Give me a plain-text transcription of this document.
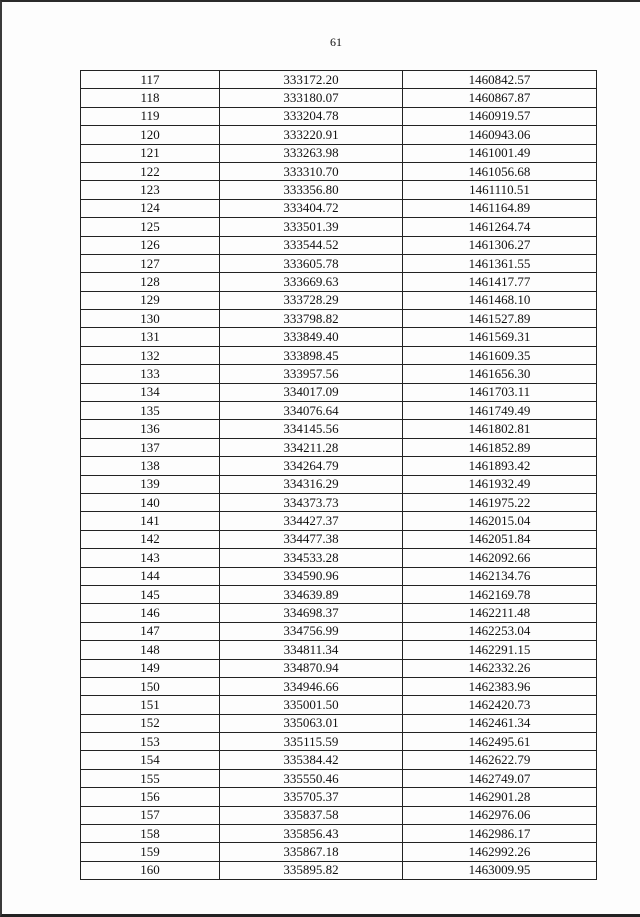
61
117	333172.20	1460842.57
118	333180.07	1460867.87
119	333204.78	1460919.57
120	333220.91	1460943.06
121	333263.98	1461001.49
122	333310.70	1461056.68
123	333356.80	1461110.51
124	333404.72	1461164.89
125	333501.39	1461264.74
126	333544.52	1461306.27
127	333605.78	1461361.55
128	333669.63	1461417.77
129	333728.29	1461468.10
130	333798.82	1461527.89
131	333849.40	1461569.31
132	333898.45	1461609.35
133	333957.56	1461656.30
134	334017.09	1461703.11
135	334076.64	1461749.49
136	334145.56	1461802.81
137	334211.28	1461852.89
138	334264.79	1461893.42
139	334316.29	1461932.49
140	334373.73	1461975.22
141	334427.37	1462015.04
142	334477.38	1462051.84
143	334533.28	1462092.66
144	334590.96	1462134.76
145	334639.89	1462169.78
146	334698.37	1462211.48
147	334756.99	1462253.04
148	334811.34	1462291.15
149	334870.94	1462332.26
150	334946.66	1462383.96
151	335001.50	1462420.73
152	335063.01	1462461.34
153	335115.59	1462495.61
154	335384.42	1462622.79
155	335550.46	1462749.07
156	335705.37	1462901.28
157	335837.58	1462976.06
158	335856.43	1462986.17
159	335867.18	1462992.26
160	335895.82	1463009.95
